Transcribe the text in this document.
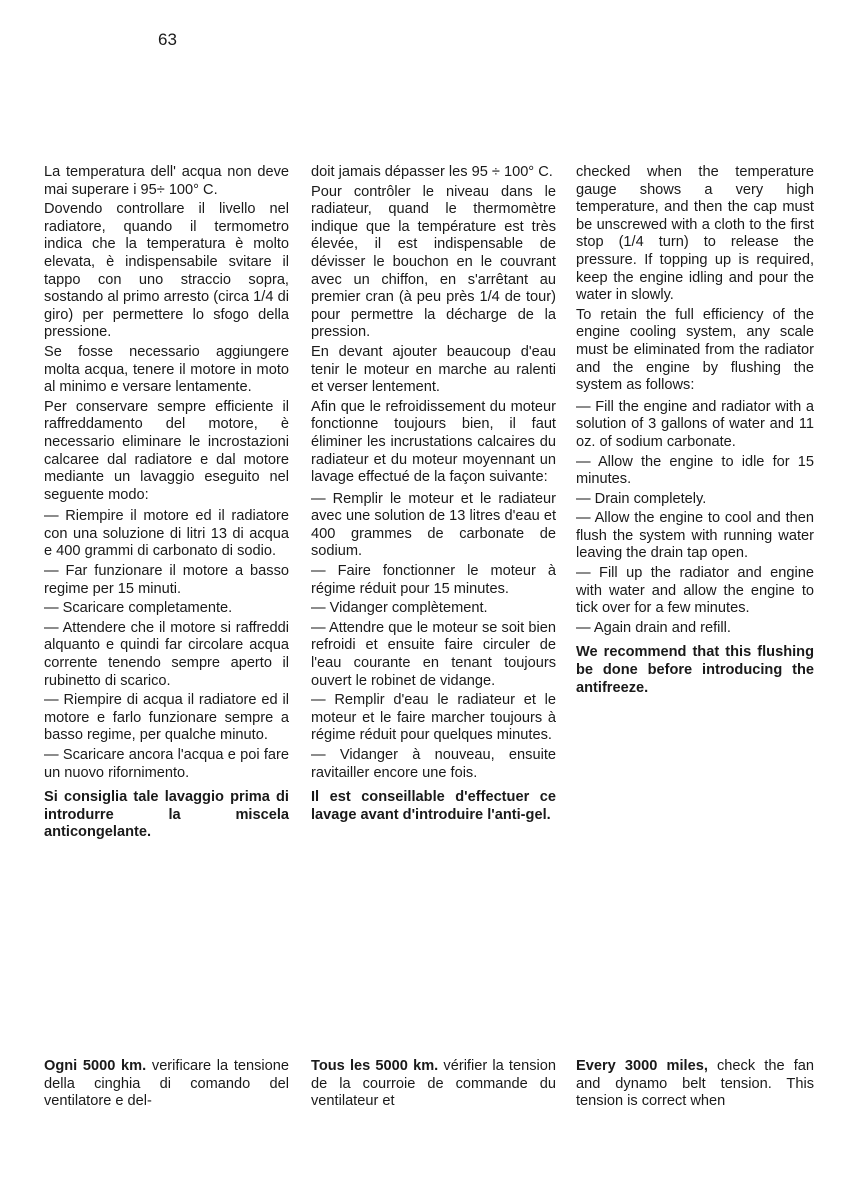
63

La temperatura dell' acqua non deve mai superare i 95÷ 100° C.

Dovendo controllare il livello nel radiatore, quando il termometro indica che la temperatura è molto elevata, è indispensabile svitare il tappo con uno straccio sopra, sostando al primo arresto (circa 1/4 di giro) per permettere lo sfogo della pressione.

Se fosse necessario aggiungere molta acqua, tenere il motore in moto al minimo e versare lentamente.

Per conservare sempre efficiente il raffreddamento del motore, è necessario eliminare le incrostazioni calcaree dal radiatore e dal motore mediante un lavaggio eseguito nel seguente modo:

— Riempire il motore ed il radiatore con una soluzione di litri 13 di acqua e 400 grammi di carbonato di sodio.

— Far funzionare il motore a basso regime per 15 minuti.

— Scaricare completamente.

— Attendere che il motore si raffreddi alquanto e quindi far circolare acqua corrente tenendo sempre aperto il rubinetto di scarico.

— Riempire di acqua il radiatore ed il motore e farlo funzionare sempre a basso regime, per qualche minuto.

— Scaricare ancora l'acqua e poi fare un nuovo rifornimento.

Si consiglia tale lavaggio prima di introdurre la miscela anticongelante.

doit jamais dépasser les 95 ÷ 100° C.

Pour contrôler le niveau dans le radiateur, quand le thermomètre indique que la température est très élevée, il est indispensable de dévisser le bouchon en le couvrant avec un chiffon, en s'arrêtant au premier cran (à peu près 1/4 de tour) pour permettre la décharge de la pression.

En devant ajouter beaucoup d'eau tenir le moteur en marche au ralenti et verser lentement.

Afin que le refroidissement du moteur fonctionne toujours bien, il faut éliminer les incrustations calcaires du radiateur et du moteur moyennant un lavage effectué de la façon suivante:

— Remplir le moteur et le radiateur avec une solution de 13 litres d'eau et 400 grammes de carbonate de sodium.

— Faire fonctionner le moteur à régime réduit pour 15 minutes.

— Vidanger complètement.

— Attendre que le moteur se soit bien refroidi et ensuite faire circuler de l'eau courante en tenant toujours ouvert le robinet de vidange.

— Remplir d'eau le radiateur et le moteur et le faire marcher toujours à régime réduit pour quelques minutes.

— Vidanger à nouveau, ensuite ravitailler encore une fois.

Il est conseillable d'effectuer ce lavage avant d'introduire l'anti-gel.

checked when the temperature gauge shows a very high temperature, and then the cap must be unscrewed with a cloth to the first stop (1/4 turn) to release the pressure. If topping up is required, keep the engine idling and pour the water in slowly.

To retain the full efficiency of the engine cooling system, any scale must be eliminated from the radiator and the engine by flushing the system as follows:

— Fill the engine and radiator with a solution of 3 gallons of water and 11 oz. of sodium carbonate.

— Allow the engine to idle for 15 minutes.

— Drain completely.

— Allow the engine to cool and then flush the system with running water leaving the drain tap open.

— Fill up the radiator and engine with water and allow the engine to tick over for a few minutes.

— Again drain and refill.

We recommend that this flushing be done before introducing the antifreeze.

Ogni 5000 km. verificare la tensione della cinghia di comando del ventilatore e del-

Tous les 5000 km. vérifier la tension de la courroie de commande du ventilateur et

Every 3000 miles, check the fan and dynamo belt tension. This tension is correct when
